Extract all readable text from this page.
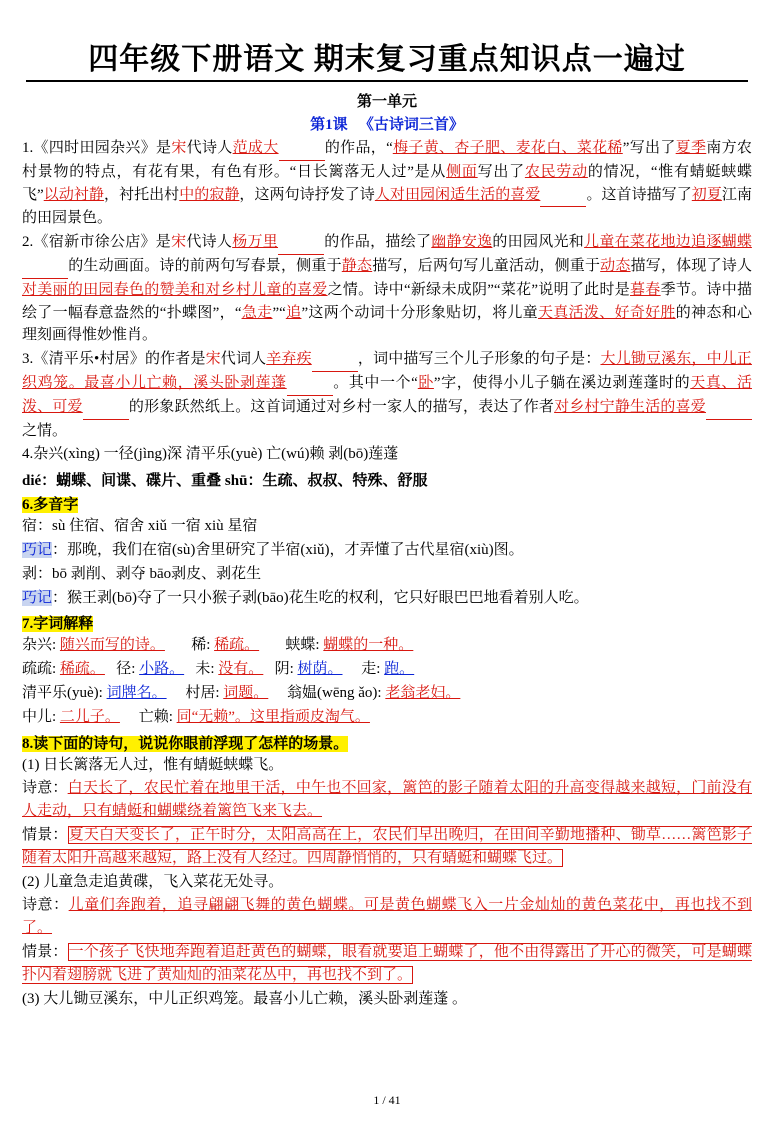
四年级下册语文 期末复习重点知识点一遍过
第一单元
第1课 《古诗词三首》
1.《四时田园杂兴》是宋代诗人范成大	的作品，“梅子黄、杏子肥、麦花白、菜花稀”写出了夏季南方农村景物的特点，有花有果，有色有形。“日长篱落无人过”是从侧面写出了农民劳动的情况，“惟有蜻蜓蛱蝶飞”以动衬静，衬托出村中的寂静，这两句诗抒发了诗人对田园闲适生活的喜爱	。这首诗描写了初夏江南的田园景色。
2.《宿新市徐公店》是宋代诗人杨万里	的作品，描绘了幽静安逸的田园风光和儿童在菜花地边追逐蝴蝶 的生动画面。诗的前两句写春景，侧重于静态描写，后两句写儿童活动，侧重于动态描写，体现了诗人对美丽的田园春色的赞美和对乡村儿童的喜爱之情。诗中“新绿未成阴”“菜花”说明了此时是暮春季节。诗中描绘了一幅春意盎然的“扑蝶图”，“急走”“追”这两个动词十分形象贴切，将儿童天真活泼、好奇好胜的神态和心理刻画得惟妙惟肖。
3.《清平乐•村居》的作者是宋代词人辛弃疾	，词中描写三个儿子形象的句子是：大儿锄豆溪东，中儿正织鸡笼。最喜小儿亡赖，溪头卧剥莲蓬	。其中一个“卧”字，使得小儿子躺在溪边剥莲蓬时的天真、活泼、可爱	的形象跃然纸上。这首词通过对乡村一家人的描写，表达了作者对乡村宁静生活的喜爱 之情。
4.杂兴(xìng) 一径(jìng)深 清平乐(yuè) 亡(wú)赖 剥(bō)莲蓬
dié：蝴蝶、间谍、碟片、重叠 shū：生疏、叔叔、特殊、舒服
6.多音字
宿：sù 住宿、宿舍 xiǔ 一宿 xiù 星宿
巧记：那晚，我们在宿(sù)舍里研究了半宿(xiǔ)，才弄懂了古代星宿(xiù)图。
剥：bō 剥削、剥夺 bāo剥皮、剥花生
巧记：猴王剥(bō)夺了一只小猴子剥(bāo)花生吃的权利，它只好眼巴巴地看着别人吃。
7.字词解释
杂兴: 随兴而写的诗。 稀: 稀疏。 蛱蝶: 蝴蝶的一种。
疏疏: 稀疏。 径: 小路。 未: 没有。 阴: 树荫。 走: 跑。
清平乐(yuè): 词牌名。 村居: 词题。 翁媪(wēng ǎo): 老翁老妇。
中儿: 二儿子。 亡赖: 同“无赖”。这里指顽皮淘气。
8.读下面的诗句，说说你眼前浮现了怎样的场景。
(1) 日长篱落无人过，惟有蜻蜓蛱蝶飞。
诗意：白天长了，农民忙着在地里干活，中午也不回家，篱笆的影子随着太阳的升高变得越来越短，门前没有人走动，只有蜻蜓和蝴蝶绕着篱笆飞来飞去。
情景：夏天白天变长了，正午时分，太阳高高在上，农民们早出晚归，在田间辛勤地播种、锄草……篱笆影子随着太阳升高越来越短，路上没有人经过。四周静悄悄的，只有蜻蜓和蝴蝶飞过。
(2) 儿童急走追黄碟，飞入菜花无处寻。
诗意：儿童们奔跑着，追寻翩翩飞舞的黄色蝴蝶。可是黄色蝴蝶飞入一片金灿灿的黄色菜花中，再也找不到了。
情景：一个孩子飞快地奔跑着追赶黄色的蝴蝶，眼看就要追上蝴蝶了，他不由得露出了开心的微笑，可是蝴蝶扑闪着翅膀就飞进了黄灿灿的油菜花丛中，再也找不到了。
(3) 大儿锄豆溪东，中儿正织鸡笼。最喜小儿亡赖，溪头卧剥莲蓬 。
1 / 41
